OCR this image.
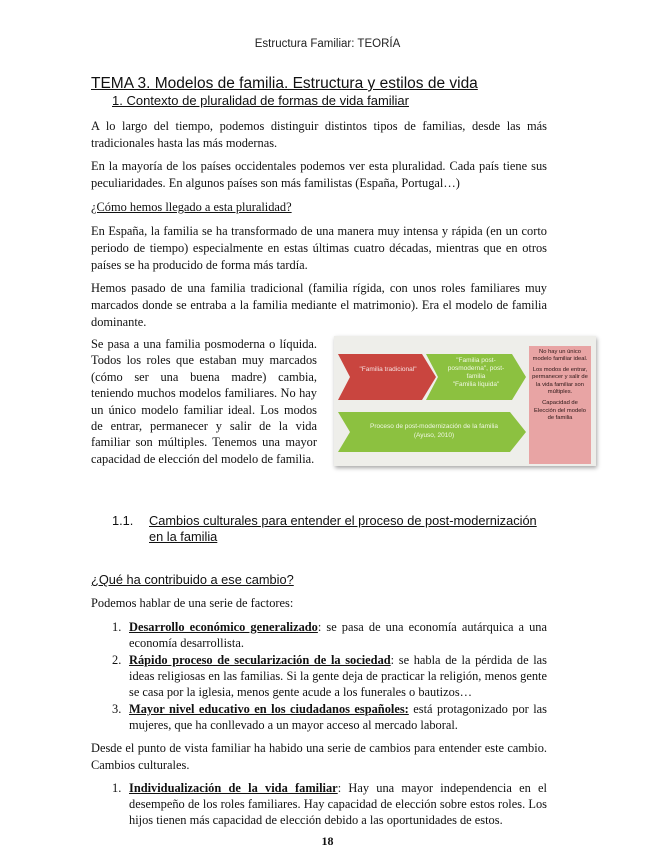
Estructura Familiar: TEORÍA
TEMA 3. Modelos de familia. Estructura y estilos de vida
1. Contexto de pluralidad de formas de vida familiar
A lo largo del tiempo, podemos distinguir distintos tipos de familias, desde las más tradicionales hasta las más modernas.
En la mayoría de los países occidentales podemos ver esta pluralidad. Cada país tiene sus peculiaridades. En algunos países son más familistas (España, Portugal…)
¿Cómo hemos llegado a esta pluralidad?
En España, la familia se ha transformado de una manera muy intensa y rápida (en un corto periodo de tiempo) especialmente en estas últimas cuatro décadas, mientras que en otros países se ha producido de forma más tardía.
Hemos pasado de una familia tradicional (familia rígida, con unos roles familiares muy marcados donde se entraba a la familia mediante el matrimonio). Era el modelo de familia dominante.
Se pasa a una familia posmoderna o líquida. Todos los roles que estaban muy marcados (cómo ser una buena madre) cambia, teniendo muchos modelos familiares. No hay un único modelo familiar ideal. Los modos de entrar, permanecer y salir de la vida familiar son múltiples. Tenemos una mayor capacidad de elección del modelo de familia.
"Familia tradicional"
"Familia post-posmoderna", post-familia
"Familia líquida"
Proceso de post-modernización de la familia (Ayuso, 2010)
No hay un único modelo familiar ideal.
Los modos de entrar, permanecer y salir de la vida familiar son múltiples.
Capacidad de Elección del modelo de familia
1.1. Cambios culturales para entender el proceso de post-modernización en la familia
¿Qué ha contribuido a ese cambio?
Podemos hablar de una serie de factores:
1. Desarrollo económico generalizado: se pasa de una economía autárquica a una economía desarrollista.
2. Rápido proceso de secularización de la sociedad: se habla de la pérdida de las ideas religiosas en las familias. Si la gente deja de practicar la religión, menos gente se casa por la iglesia, menos gente acude a los funerales o bautizos…
3. Mayor nivel educativo en los ciudadanos españoles: está protagonizado por las mujeres, que ha conllevado a un mayor acceso al mercado laboral.
Desde el punto de vista familiar ha habido una serie de cambios para entender este cambio. Cambios culturales.
1. Individualización de la vida familiar: Hay una mayor independencia en el desempeño de los roles familiares. Hay capacidad de elección sobre estos roles. Los hijos tienen más capacidad de elección debido a las oportunidades de estos.
18
